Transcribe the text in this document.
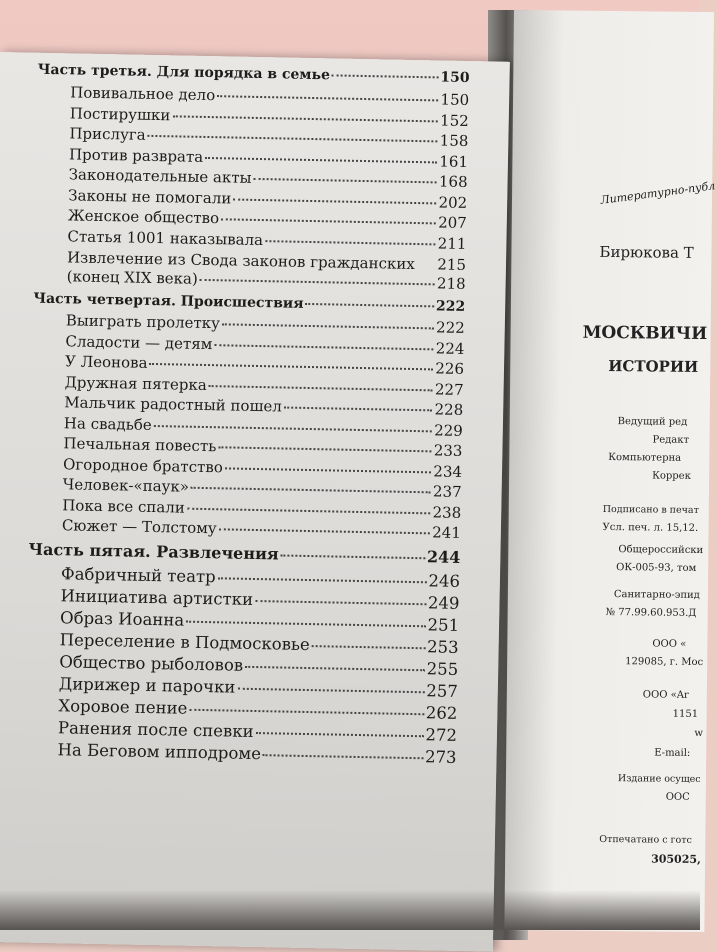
Часть третья. Для порядка в семье	150
Повивальное дело	150
Постирушки	152
Прислуга	158
Против разврата	161
Законодательные акты	168
Законы не помогали	202
Женское общество	207
Статья 1001 наказывала	211
Извлечение из Свода законов гражданских 215
(конец XIX века)	218
Часть четвертая. Происшествия	222
Выиграть пролетку	222
Сладости — детям	224
У Леонова	226
Дружная пятерка	227
Мальчик радостный пошел	228
На свадьбе	229
Печальная повесть	233
Огородное братство	234
Человек-«паук»	237
Пока все спали	238
Сюжет — Толстому	241
Часть пятая. Развлечения	244
Фабричный театр	246
Инициатива артистки	249
Образ Иоанна	251
Переселение в Подмосковье	253
Общество рыболовов	255
Дирижер и парочки	257
Хоровое пение	262
Ранения после спевки	272
На Беговом ипподроме	273
Литературно-публ
Бирюкова Т
МОСКВИЧИ
ИСТОРИИ
Ведущий ред
Редакт
Компьютерна
Коррек
Подписано в печат
Усл. печ. л. 15,12.
Общероссийски
ОК-005-93, том
Санитарно-эпид
№ 77.99.60.953.Д
ООО «
129085, г. Мос
ООО «Ar
1151
w
E-mail:
Издание осущес
ООС
Отпечатано с готс
305025,
